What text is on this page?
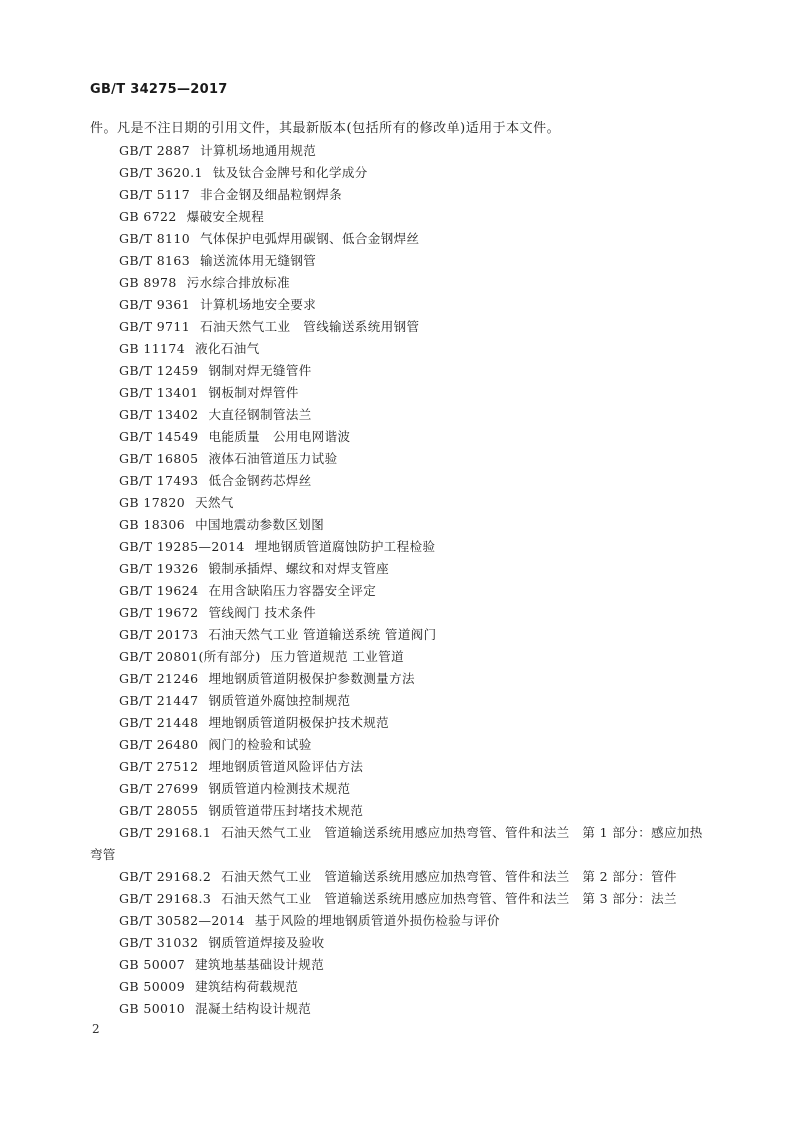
GB/T 34275—2017
件。凡是不注日期的引用文件，其最新版本(包括所有的修改单)适用于本文件。
GB/T 2887 计算机场地通用规范
GB/T 3620.1 钛及钛合金牌号和化学成分
GB/T 5117 非合金钢及细晶粒钢焊条
GB 6722 爆破安全规程
GB/T 8110 气体保护电弧焊用碳钢、低合金钢焊丝
GB/T 8163 输送流体用无缝钢管
GB 8978 污水综合排放标准
GB/T 9361 计算机场地安全要求
GB/T 9711 石油天然气工业　管线输送系统用钢管
GB 11174 液化石油气
GB/T 12459 钢制对焊无缝管件
GB/T 13401 钢板制对焊管件
GB/T 13402 大直径钢制管法兰
GB/T 14549 电能质量　公用电网谐波
GB/T 16805 液体石油管道压力试验
GB/T 17493 低合金钢药芯焊丝
GB 17820 天然气
GB 18306 中国地震动参数区划图
GB/T 19285—2014 埋地钢质管道腐蚀防护工程检验
GB/T 19326 锻制承插焊、螺纹和对焊支管座
GB/T 19624 在用含缺陷压力容器安全评定
GB/T 19672 管线阀门 技术条件
GB/T 20173 石油天然气工业 管道输送系统 管道阀门
GB/T 20801(所有部分) 压力管道规范 工业管道
GB/T 21246 埋地钢质管道阴极保护参数测量方法
GB/T 21447 钢质管道外腐蚀控制规范
GB/T 21448 埋地钢质管道阴极保护技术规范
GB/T 26480 阀门的检验和试验
GB/T 27512 埋地钢质管道风险评估方法
GB/T 27699 钢质管道内检测技术规范
GB/T 28055 钢质管道带压封堵技术规范
GB/T 29168.1 石油天然气工业　管道输送系统用感应加热弯管、管件和法兰　第 1 部分：感应加热弯管
GB/T 29168.2 石油天然气工业　管道输送系统用感应加热弯管、管件和法兰　第 2 部分：管件
GB/T 29168.3 石油天然气工业　管道输送系统用感应加热弯管、管件和法兰　第 3 部分：法兰
GB/T 30582—2014 基于风险的埋地钢质管道外损伤检验与评价
GB/T 31032 钢质管道焊接及验收
GB 50007 建筑地基基础设计规范
GB 50009 建筑结构荷载规范
GB 50010 混凝土结构设计规范
2
